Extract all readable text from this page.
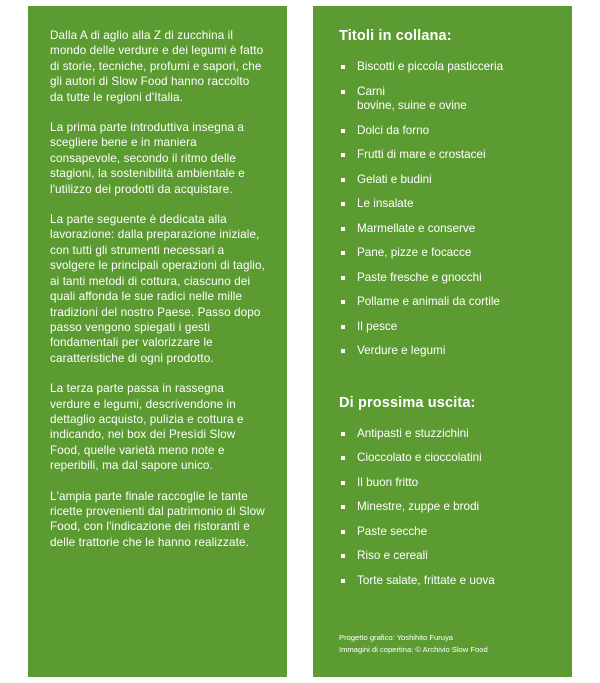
Dalla A di aglio alla Z di zucchina il mondo delle verdure e dei legumi è fatto di storie, tecniche, profumi e sapori, che gli autori di Slow Food hanno raccolto da tutte le regioni d'Italia.

La prima parte introduttiva insegna a scegliere bene e in maniera consapevole, secondo il ritmo delle stagioni, la sostenibilità ambientale e l'utilizzo dei prodotti da acquistare.

La parte seguente è dedicata alla lavorazione: dalla preparazione iniziale, con tutti gli strumenti necessari a svolgere le principali operazioni di taglio, ai tanti metodi di cottura, ciascuno dei quali affonda le sue radici nelle mille tradizioni del nostro Paese. Passo dopo passo vengono spiegati i gesti fondamentali per valorizzare le caratteristiche di ogni prodotto.

La terza parte passa in rassegna verdure e legumi, descrivendone in dettaglio acquisto, pulizia e cottura e indicando, nei box dei Presìdi Slow Food, quelle varietà meno note e reperibili, ma dal sapore unico.

L'ampia parte finale raccoglie le tante ricette provenienti dal patrimonio di Slow Food, con l'indicazione dei ristoranti e delle trattorie che le hanno realizzate.

Titoli in collana:
Biscotti e piccola pasticceria
Carni
bovine, suine e ovine
Dolci da forno
Frutti di mare e crostacei
Gelati e budini
Le insalate
Marmellate e conserve
Pane, pizze e focacce
Paste fresche e gnocchi
Pollame e animali da cortile
Il pesce
Verdure e legumi
Di prossima uscita:
Antipasti e stuzzichini
Cioccolato e cioccolatini
Il buon fritto
Minestre, zuppe e brodi
Paste secche
Riso e cereali
Torte salate, frittate e uova
Progetto grafico: Yoshihito Furuya
Immagini di copertina: © Archivio Slow Food
